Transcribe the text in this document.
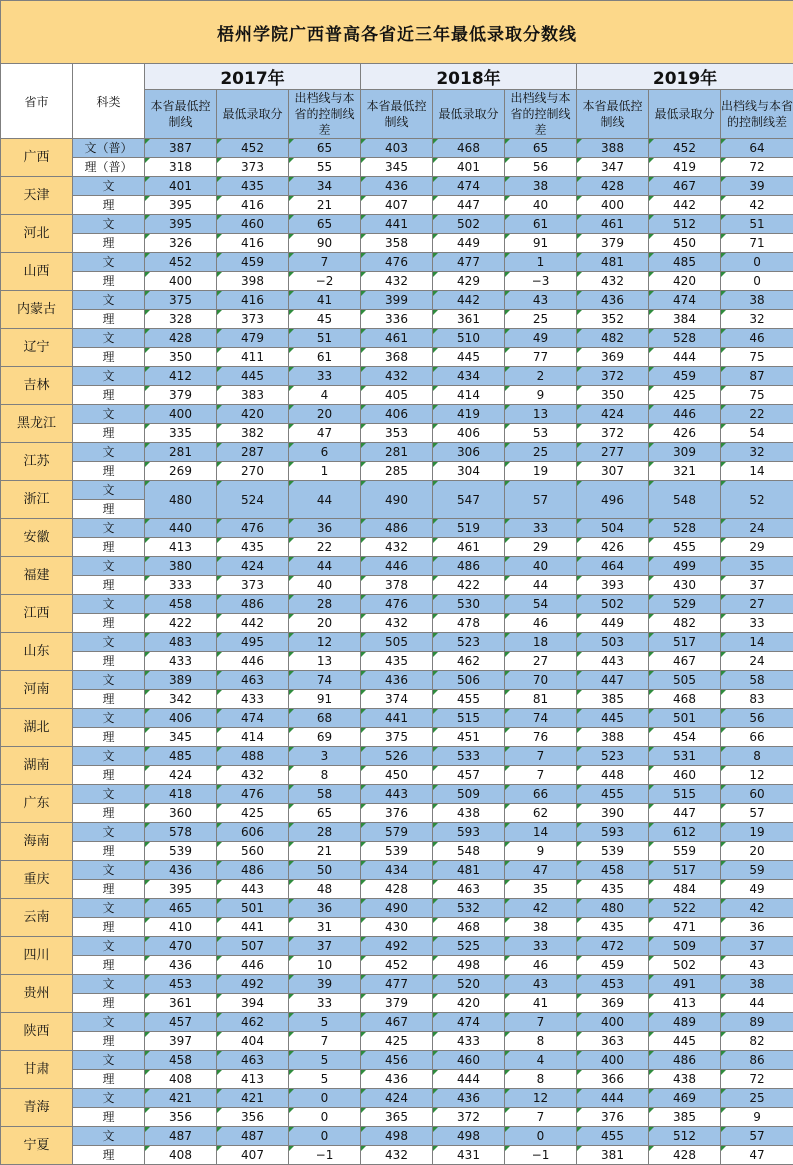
梧州学院广西普高各省近三年最低录取分数线										
省市	科类	2017年			2018年			2019年		
		本省最低控制线	最低录取分	出档线与本省的控制线差	本省最低控制线	最低录取分	出档线与本省的控制线差	本省最低控制线	最低录取分	出档线与本省的控制线差
广西	文（普）	387	452	65	403	468	65	388	452	64
	理（普）	318	373	55	345	401	56	347	419	72
天津	文	401	435	34	436	474	38	428	467	39
	理	395	416	21	407	447	40	400	442	42
河北	文	395	460	65	441	502	61	461	512	51
	理	326	416	90	358	449	91	379	450	71
山西	文	452	459	7	476	477	1	481	485	0
	理	400	398	−2	432	429	−3	432	420	0
内蒙古	文	375	416	41	399	442	43	436	474	38
	理	328	373	45	336	361	25	352	384	32
辽宁	文	428	479	51	461	510	49	482	528	46
	理	350	411	61	368	445	77	369	444	75
吉林	文	412	445	33	432	434	2	372	459	87
	理	379	383	4	405	414	9	350	425	75
黑龙江	文	400	420	20	406	419	13	424	446	22
	理	335	382	47	353	406	53	372	426	54
江苏	文	281	287	6	281	306	25	277	309	32
	理	269	270	1	285	304	19	307	321	14
浙江	文	480	524	44	490	547	57	496	548	52
	理									
安徽	文	440	476	36	486	519	33	504	528	24
	理	413	435	22	432	461	29	426	455	29
福建	文	380	424	44	446	486	40	464	499	35
	理	333	373	40	378	422	44	393	430	37
江西	文	458	486	28	476	530	54	502	529	27
	理	422	442	20	432	478	46	449	482	33
山东	文	483	495	12	505	523	18	503	517	14
	理	433	446	13	435	462	27	443	467	24
河南	文	389	463	74	436	506	70	447	505	58
	理	342	433	91	374	455	81	385	468	83
湖北	文	406	474	68	441	515	74	445	501	56
	理	345	414	69	375	451	76	388	454	66
湖南	文	485	488	3	526	533	7	523	531	8
	理	424	432	8	450	457	7	448	460	12
广东	文	418	476	58	443	509	66	455	515	60
	理	360	425	65	376	438	62	390	447	57
海南	文	578	606	28	579	593	14	593	612	19
	理	539	560	21	539	548	9	539	559	20
重庆	文	436	486	50	434	481	47	458	517	59
	理	395	443	48	428	463	35	435	484	49
云南	文	465	501	36	490	532	42	480	522	42
	理	410	441	31	430	468	38	435	471	36
四川	文	470	507	37	492	525	33	472	509	37
	理	436	446	10	452	498	46	459	502	43
贵州	文	453	492	39	477	520	43	453	491	38
	理	361	394	33	379	420	41	369	413	44
陕西	文	457	462	5	467	474	7	400	489	89
	理	397	404	7	425	433	8	363	445	82
甘肃	文	458	463	5	456	460	4	400	486	86
	理	408	413	5	436	444	8	366	438	72
青海	文	421	421	0	424	436	12	444	469	25
	理	356	356	0	365	372	7	376	385	9
宁夏	文	487	487	0	498	498	0	455	512	57
	理	408	407	−1	432	431	−1	381	428	47
